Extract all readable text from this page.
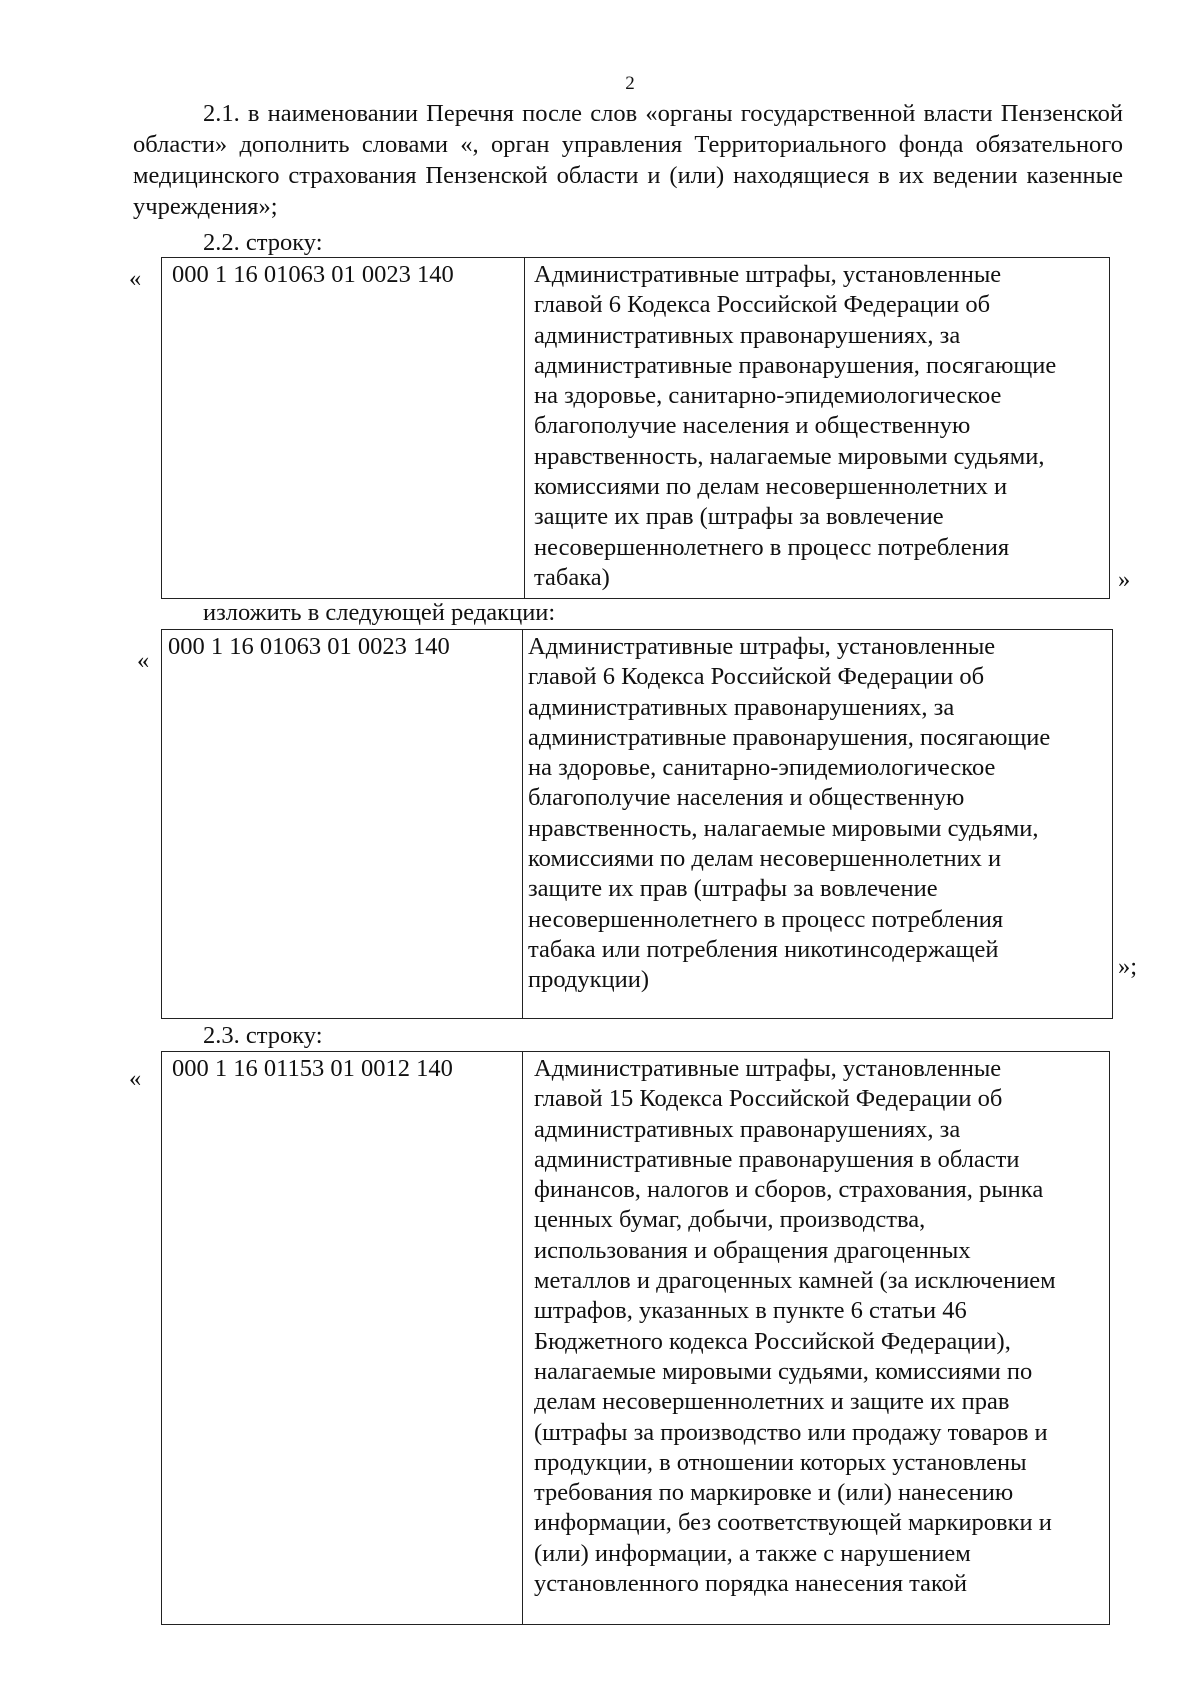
2
2.1. в наименовании Перечня после слов «органы государственной власти Пензенской области» дополнить словами «, орган управления Территориального фонда обязательного медицинского страхования Пензенской области и (или) находящиеся в их ведении казенные учреждения»;
2.2. строку:
« 000 1 16 01063 01 0023 140	Административные штрафы, установленные
главой 6 Кодекса Российской Федерации об
административных правонарушениях, за
административные правонарушения, посягающие
на здоровье, санитарно-эпидемиологическое
благополучие населения и общественную
нравственность, налагаемые мировыми судьями,
комиссиями по делам несовершеннолетних и
защите их прав (штрафы за вовлечение
несовершеннолетнего в процесс потребления
табака)	»
изложить в следующей редакции:
«
000 1 16 01063 01 0023 140	Административные штрафы, установленные
главой 6 Кодекса Российской Федерации об
административных правонарушениях, за
административные правонарушения, посягающие
на здоровье, санитарно-эпидемиологическое
благополучие населения и общественную
нравственность, налагаемые мировыми судьями,
комиссиями по делам несовершеннолетних и
защите их прав (штрафы за вовлечение
несовершеннолетнего в процесс потребления
табака или потребления никотинсодержащей
продукции)	»;
2.3. строку:
« 000 1 16 01153 01 0012 140	Административные штрафы, установленные
главой 15 Кодекса Российской Федерации об
административных правонарушениях, за
административные правонарушения в области
финансов, налогов и сборов, страхования, рынка
ценных бумаг, добычи, производства,
использования и обращения драгоценных
металлов и драгоценных камней (за исключением
штрафов, указанных в пункте 6 статьи 46
Бюджетного кодекса Российской Федерации),
налагаемые мировыми судьями, комиссиями по
делам несовершеннолетних и защите их прав
(штрафы за производство или продажу товаров и
продукции, в отношении которых установлены
требования по маркировке и (или) нанесению
информации, без соответствующей маркировки и
(или) информации, а также с нарушением
установленного порядка нанесения такой
